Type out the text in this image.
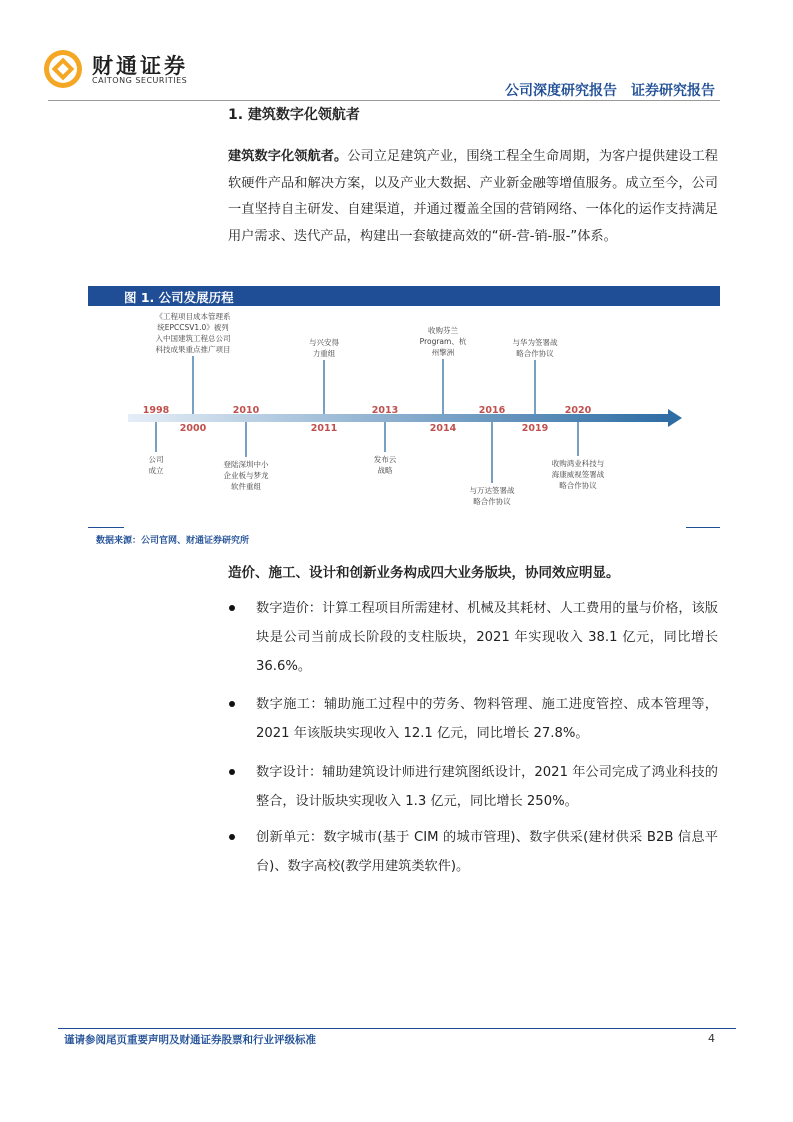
财通证券
CAITONG SECURITIES
公司深度研究报告　证券研究报告
1. 建筑数字化领航者
建筑数字化领航者。公司立足建筑产业，围绕工程全生命周期，为客户提供建设工程软硬件产品和解决方案，以及产业大数据、产业新金融等增值服务。成立至今，公司一直坚持自主研发、自建渠道，并通过覆盖全国的营销网络、一体化的运作支持满足用户需求、迭代产品，构建出一套敏捷高效的“研-营-销-服-”体系。
图 1. 公司发展历程
1998	2010	2013	2016	2020
2000	2011	2014	2019
《工程项目成本管理系
统EPCCSV1.0》被列
入中国建筑工程总公司
科技成果重点推广项目
与兴安得
力重组
收购芬兰
Program、杭
州擎洲
与华为签署战
略合作协议
公司
成立
登陆深圳中小
企业板与梦龙
软件重组
发布云
战略
与万达签署战
略合作协议
收购鸿业科技与
海康威视签署战
略合作协议
数据来源：公司官网、财通证券研究所
造价、施工、设计和创新业务构成四大业务版块，协同效应明显。
数字造价：计算工程项目所需建材、机械及其耗材、人工费用的量与价格，该版块是公司当前成长阶段的支柱版块，2021 年实现收入 38.1 亿元，同比增长 36.6%。
数字施工：辅助施工过程中的劳务、物料管理、施工进度管控、成本管理等，2021 年该版块实现收入 12.1 亿元，同比增长 27.8%。
数字设计：辅助建筑设计师进行建筑图纸设计，2021 年公司完成了鸿业科技的整合，设计版块实现收入 1.3 亿元，同比增长 250%。
创新单元：数字城市(基于 CIM 的城市管理)、数字供采(建材供采 B2B 信息平台)、数字高校(教学用建筑类软件)。
谨请参阅尾页重要声明及财通证券股票和行业评级标准	4
